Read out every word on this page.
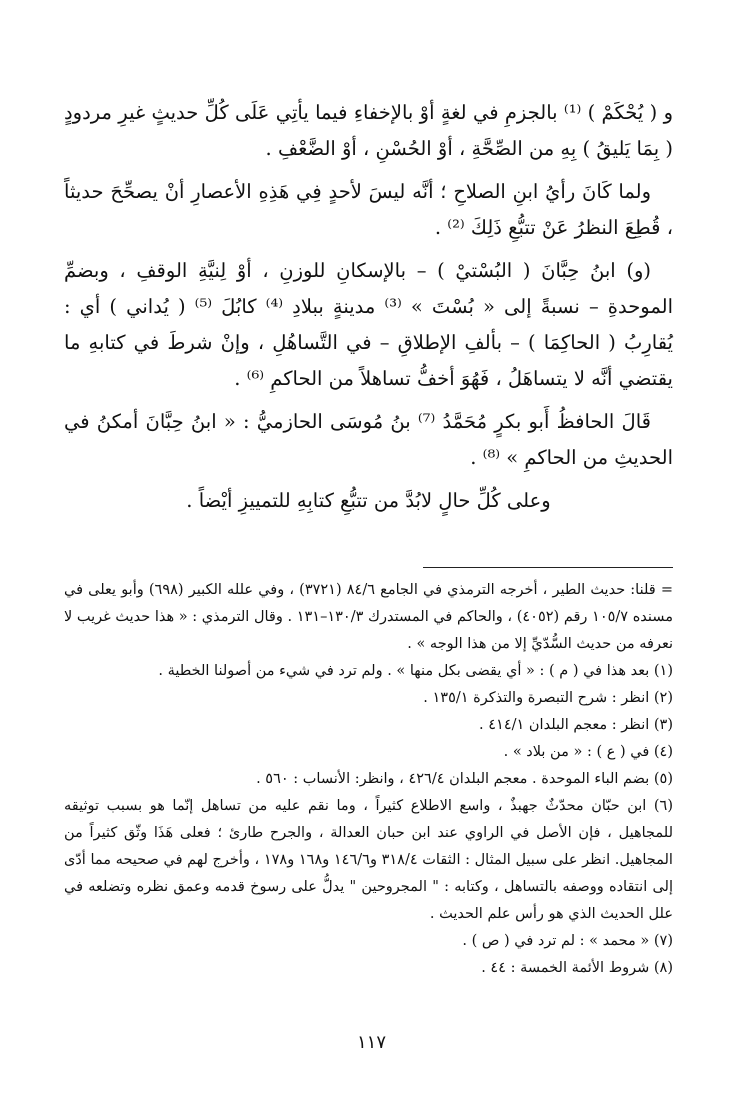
و ( يُحْكَمْ ) ⁽¹⁾ بالجزمِ في لغةٍ أوْ بالإخفاءِ فيما يأتِي عَلَى كُلِّ حديثٍ غيرِ مردودٍ ( بِمَا يَليقُ ) بِهِ من الصِّحَّةِ ، أوْ الحُسْنِ ، أوْ الضَّعْفِ .

ولما كَانَ رأيُ ابنِ الصلاحِ ؛ أنَّه ليسَ لأحدٍ فِي هَذِهِ الأعصارِ أنْ يصحِّحَ حديثاً ، قُطِعَ النظرُ عَنْ تتبُّعِ ذَلِكَ ⁽²⁾ .

(و) ابنُ حِبَّانَ ( البُسْتيْ ) – بالإسكانِ للوزنِ ، أوْ لِنيَّةِ الوقفِ ، وبضمِّ الموحدةِ – نسبةً إلى « بُسْتَ » ⁽³⁾ مدينةٍ ببلادِ ⁽⁴⁾ كابُلَ ⁽⁵⁾ ( يُداني ) أي : يُقارِبُ ( الحاكِمَا ) – بألفِ الإطلاقِ – في التَّساهُلِ ، وإنْ شرطَ في كتابهِ ما يقتضي أنَّه لا يتساهَلُ ، فَهُوَ أخفُّ تساهلاً من الحاكمِ ⁽⁶⁾ .

قَالَ الحافظُ أَبو بكرٍ مُحَمَّدُ ⁽⁷⁾ بنُ مُوسَى الحازميُّ : « ابنُ حِبَّانَ أمكنُ في الحديثِ من الحاكمِ » ⁽⁸⁾ .

وعلى كُلِّ حالٍ لابُدَّ من تتبُّعِ كتابِهِ للتمييزِ أيْضاً .

= قلنا: حديث الطير ، أخرجه الترمذي في الجامع ٨٤/٦ (٣٧٢١) ، وفي علله الكبير (٦٩٨) وأبو يعلى في مسنده ١٠٥/٧ رقم (٤٠٥٢) ، والحاكم في المستدرك ١٣٠/٣–١٣١ . وقال الترمذي : « هذا حديث غريب لا نعرفه من حديث السُّدّيِّ إلا من هذا الوجه » .

(١) بعد هذا في ( م ) : « أي يقضى بكل منها » . ولم ترد في شيء من أصولنا الخطية .

(٢) انظر : شرح التبصرة والتذكرة ١٣٥/١ .

(٣) انظر : معجم البلدان ٤١٤/١ .

(٤) في ( ع ) : « من بلاد » .

(٥) بضم الباء الموحدة . معجم البلدان ٤٢٦/٤ ، وانظر: الأنساب : ٥٦٠ .

(٦) ابن حبّان محدّثٌ جهبذٌ ، واسع الاطلاع كثيراً ، وما نقم عليه من تساهل إنّما هو بسبب توثيقه للمجاهيل ، فإن الأصل في الراوي عند ابن حبان العدالة ، والجرح طارئ ؛ فعلى هَذَا وثّق كثيراً من المجاهيل. انظر على سبيل المثال : الثقات ٣١٨/٤ و١٤٦/٦ و١٦٨ و١٧٨ ، وأخرج لهم في صحيحه مما أدّى إلى انتقاده ووصفه بالتساهل ، وكتابه : " المجروحين " يدلُّ على رسوخ قدمه وعمق نظره وتضلعه في علل الحديث الذي هو رأس علم الحديث .

(٧) « محمد » : لم ترد في ( ص ) .

(٨) شروط الأئمة الخمسة : ٤٤ .

١١٧
